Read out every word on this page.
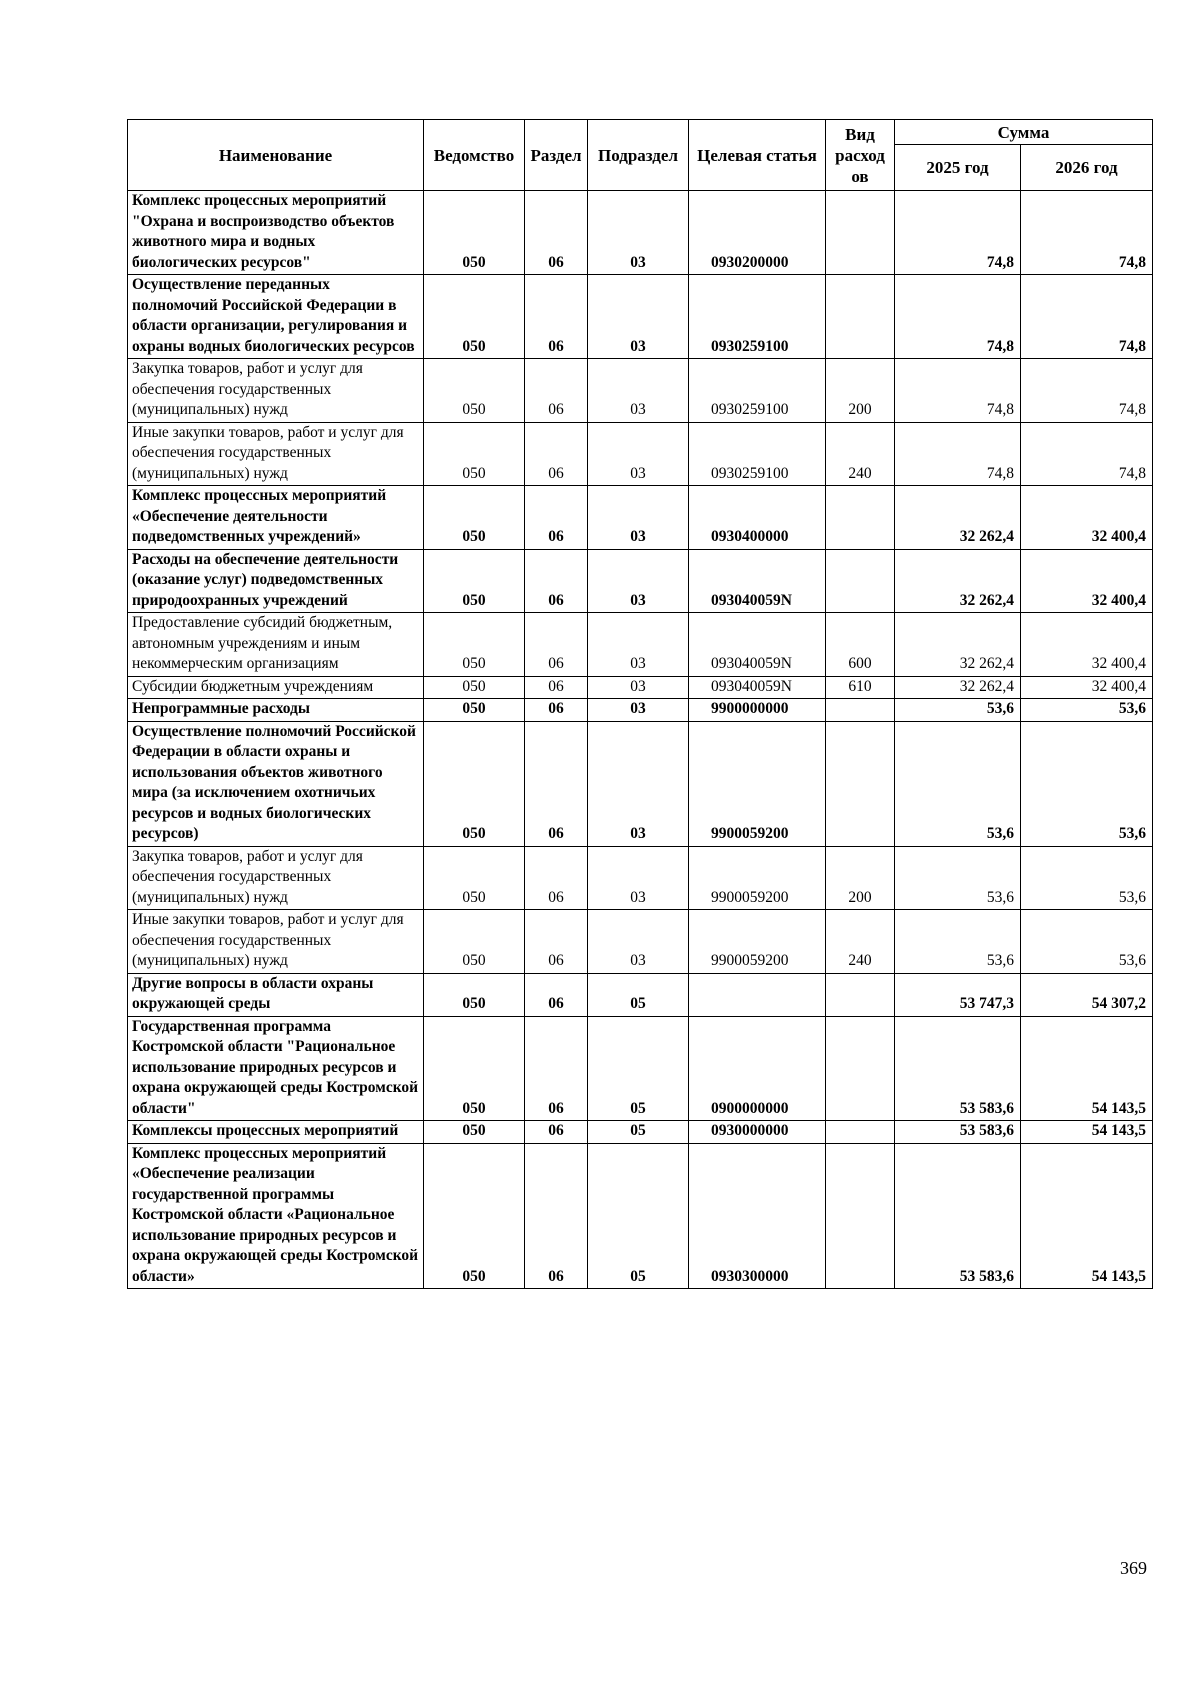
Наименование	Ведомство	Раздел	Подраздел	Целевая статья	Вид расход ов	Сумма	
						2025 год	2026 год
Комплекс процессных мероприятий "Охрана и воспроизводство объектов животного мира и водных биологических ресурсов"	050	06	03	0930200000		74,8	74,8
Осуществление переданных полномочий Российской Федерации в области организации, регулирования и охраны водных биологических ресурсов	050	06	03	0930259100		74,8	74,8
Закупка товаров, работ и услуг для обеспечения государственных (муниципальных) нужд	050	06	03	0930259100	200	74,8	74,8
Иные закупки товаров, работ и услуг для обеспечения государственных (муниципальных) нужд	050	06	03	0930259100	240	74,8	74,8
Комплекс процессных мероприятий «Обеспечение деятельности подведомственных учреждений»	050	06	03	0930400000		32 262,4	32 400,4
Расходы на обеспечение деятельности (оказание услуг) подведомственных природоохранных учреждений	050	06	03	093040059N		32 262,4	32 400,4
Предоставление субсидий бюджетным, автономным учреждениям и иным некоммерческим организациям	050	06	03	093040059N	600	32 262,4	32 400,4
Субсидии бюджетным учреждениям	050	06	03	093040059N	610	32 262,4	32 400,4
Непрограммные расходы	050	06	03	9900000000		53,6	53,6
Осуществление полномочий Российской Федерации в области охраны и использования объектов животного мира (за исключением охотничьих ресурсов и водных биологических ресурсов)	050	06	03	9900059200		53,6	53,6
Закупка товаров, работ и услуг для обеспечения государственных (муниципальных) нужд	050	06	03	9900059200	200	53,6	53,6
Иные закупки товаров, работ и услуг для обеспечения государственных (муниципальных) нужд	050	06	03	9900059200	240	53,6	53,6
Другие вопросы в области охраны окружающей среды	050	06	05			53 747,3	54 307,2
Государственная программа Костромской области "Рациональное использование природных ресурсов и охрана окружающей среды Костромской области"	050	06	05	0900000000		53 583,6	54 143,5
Комплексы процессных мероприятий	050	06	05	0930000000		53 583,6	54 143,5
Комплекс процессных мероприятий «Обеспечение реализации государственной программы Костромской области «Рациональное использование природных ресурсов и охрана окружающей среды Костромской области»	050	06	05	0930300000		53 583,6	54 143,5
369
